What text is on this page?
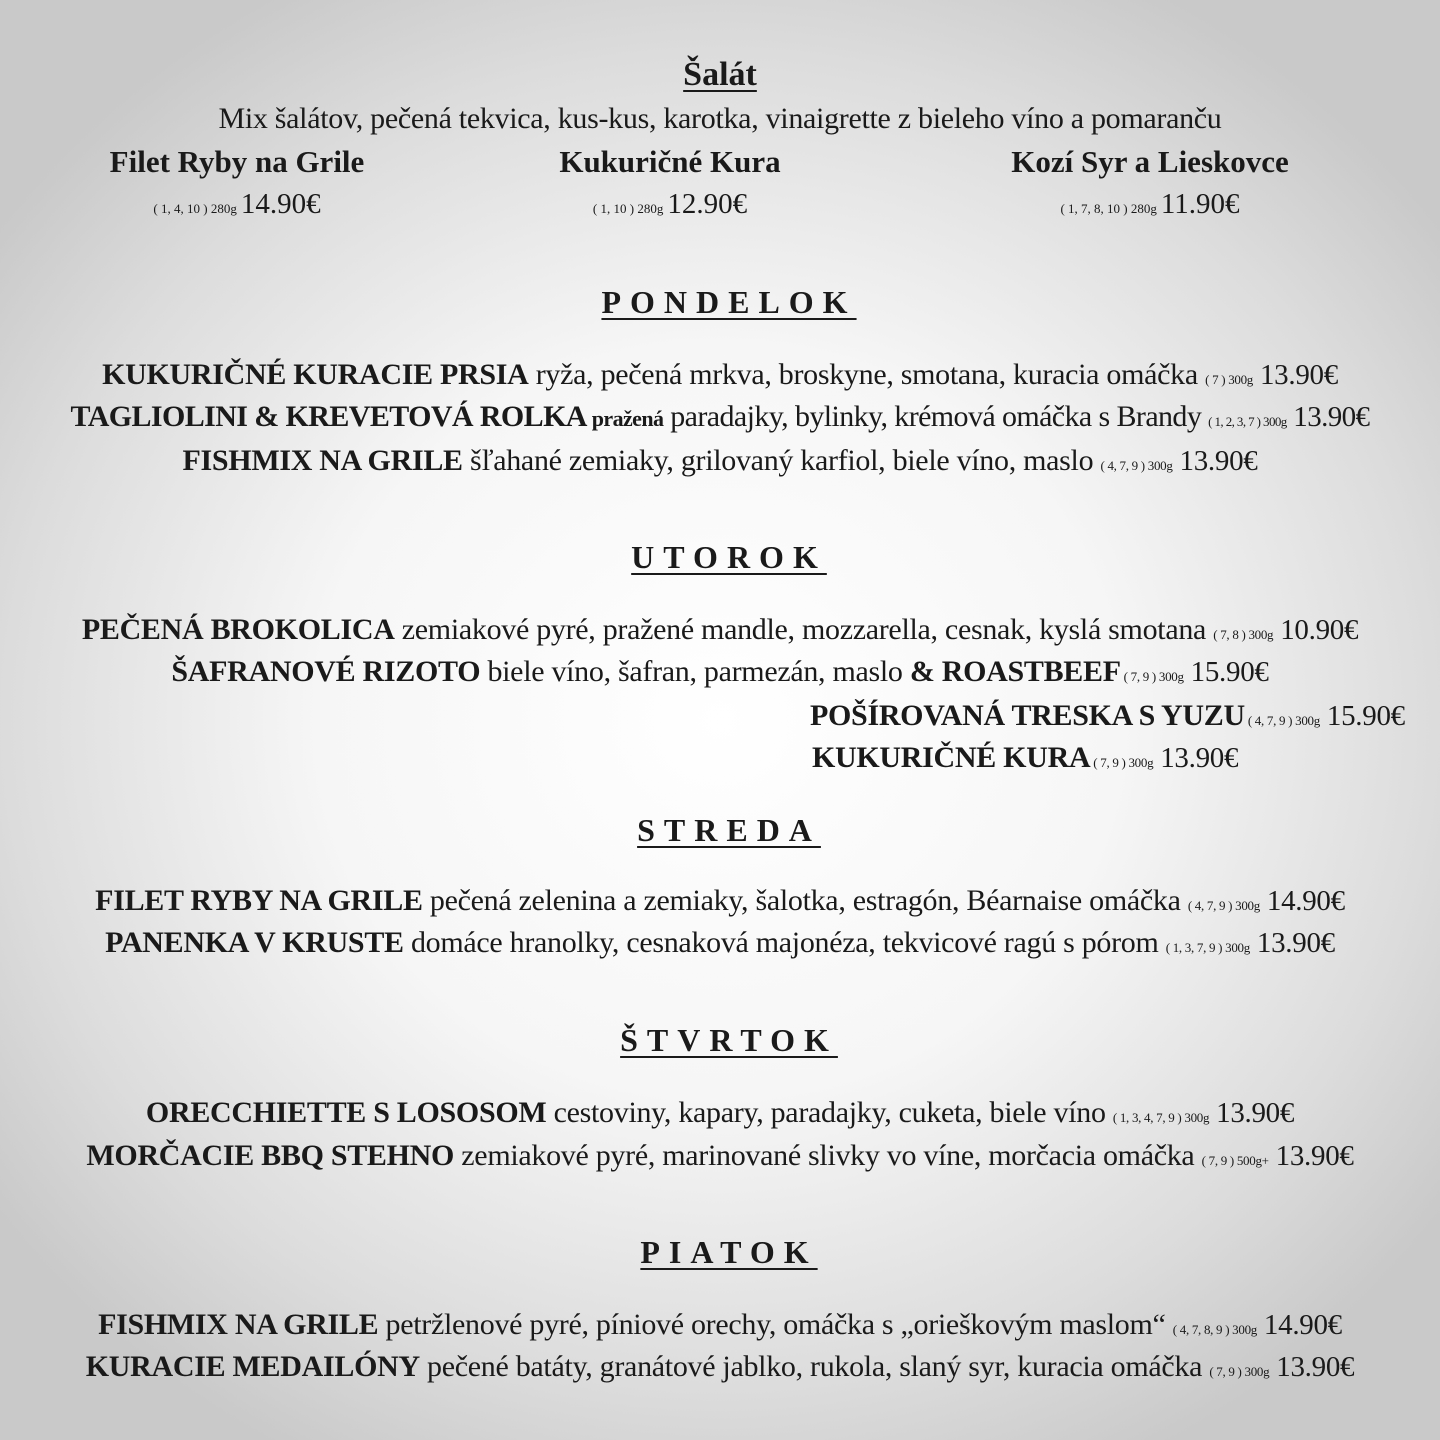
Šalát
Mix šalátov, pečená tekvica, kus-kus, karotka, vinaigrette z bieleho víno a pomaranču
Filet Ryby na Grile
( 1, 4, 10 ) 280g 14.90€
Kukuričné Kura
( 1, 10 ) 280g 12.90€
Kozí Syr a Lieskovce
( 1, 7, 8, 10 ) 280g 11.90€
PONDELOK
KUKURIČNÉ KURACIE PRSIA ryža, pečená mrkva, broskyne, smotana, kuracia omáčka ( 7 ) 300g 13.90€
TAGLIOLINI & KREVETOVÁ ROLKA pražená paradajky, bylinky, krémová omáčka s Brandy ( 1, 2, 3, 7 ) 300g 13.90€
FISHMIX NA GRILE šľahané zemiaky, grilovaný karfiol, biele víno, maslo ( 4, 7, 9 ) 300g 13.90€
UTOROK
PEČENÁ BROKOLICA zemiakové pyré, pražené mandle, mozzarella, cesnak, kyslá smotana ( 7, 8 ) 300g 10.90€
ŠAFRANOVÉ RIZOTO biele víno, šafran, parmezán, maslo & ROASTBEEF ( 7, 9 ) 300g 15.90€
POŠÍROVANÁ TRESKA S YUZU ( 4, 7, 9 ) 300g 15.90€
KUKURIČNÉ KURA ( 7, 9 ) 300g 13.90€
STREDA
FILET RYBY NA GRILE pečená zelenina a zemiaky, šalotka, estragón, Béarnaise omáčka ( 4, 7, 9 ) 300g 14.90€
PANENKA V KRUSTE domáce hranolky, cesnaková majonéza, tekvicové ragú s pórom ( 1, 3, 7, 9 ) 300g 13.90€
ŠTVRTOK
ORECCHIETTE S LOSOSOM cestoviny, kapary, paradajky, cuketa, biele víno ( 1, 3, 4, 7, 9 ) 300g 13.90€
MORČACIE BBQ STEHNO zemiakové pyré, marinované slivky vo víne, morčacia omáčka ( 7, 9 ) 500g+ 13.90€
PIATOK
FISHMIX NA GRILE petržlenové pyré, píniové orechy, omáčka s „orieškovým maslom“ ( 4, 7, 8, 9 ) 300g 14.90€
KURACIE MEDAILÓNY pečené batáty, granátové jablko, rukola, slaný syr, kuracia omáčka ( 7, 9 ) 300g 13.90€
